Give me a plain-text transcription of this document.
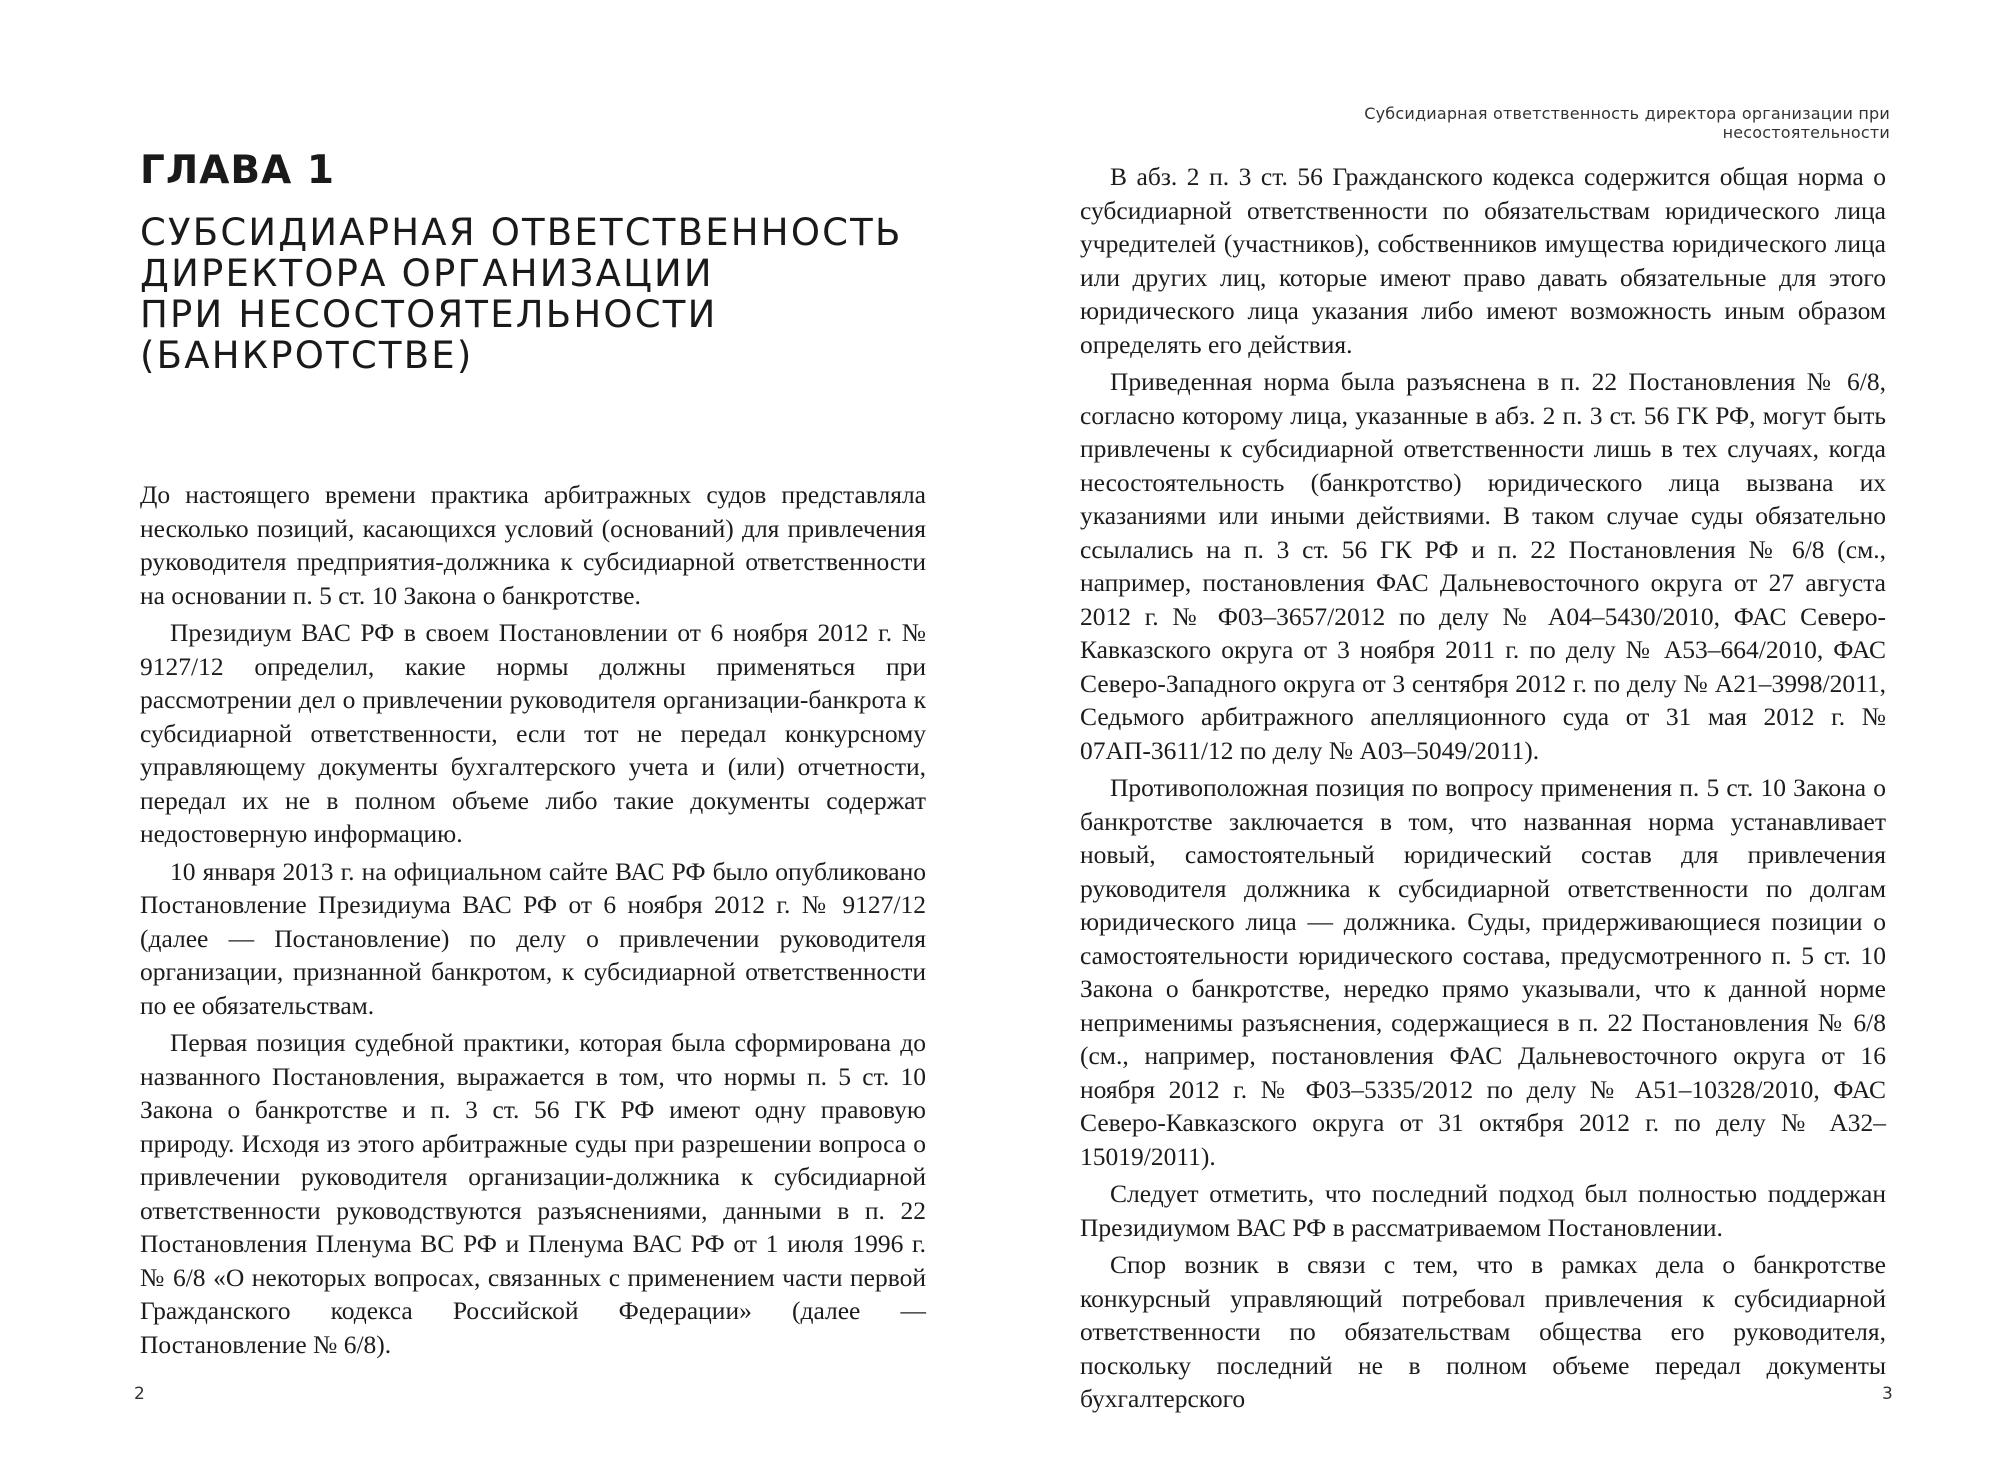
ГЛАВА 1
СУБСИДИАРНАЯ ОТВЕТСТВЕННОСТЬ
ДИРЕКТОРА ОРГАНИЗАЦИИ
ПРИ НЕСОСТОЯТЕЛЬНОСТИ
(БАНКРОТСТВЕ)

До настоящего времени практика арбитражных судов представляла несколько позиций, касающихся условий (оснований) для привлечения руководителя предприятия-должника к субсидиарной ответственности на основании п. 5 ст. 10 Закона о банкротстве.

Президиум ВАС РФ в своем Постановлении от 6 ноября 2012 г. № 9127/12 определил, какие нормы должны применяться при рассмотрении дел о привлечении руководителя организации-банкрота к субсидиарной ответственности, если тот не передал конкурсному управляющему документы бухгалтерского учета и (или) отчетности, передал их не в полном объеме либо такие документы содержат недостоверную информацию.

10 января 2013 г. на официальном сайте ВАС РФ было опубликовано Постановление Президиума ВАС РФ от 6 ноября 2012 г. № 9127/12 (далее — Постановление) по делу о привлечении руководителя организации, признанной банкротом, к субсидиарной ответственности по ее обязательствам.

Первая позиция судебной практики, которая была сформирована до названного Постановления, выражается в том, что нормы п. 5 ст. 10 Закона о банкротстве и п. 3 ст. 56 ГК РФ имеют одну правовую природу. Исходя из этого арбитражные суды при разрешении вопроса о привлечении руководителя организации-должника к субсидиарной ответственности руководствуются разъяснениями, данными в п. 22 Постановления Пленума ВС РФ и Пленума ВАС РФ от 1 июля 1996 г. № 6/8 «О некоторых вопросах, связанных с применением части первой Гражданского кодекса Российской Федерации» (далее — Постановление № 6/8).

2
Субсидиарная ответственность директора организации при несостоятельности

В абз. 2 п. 3 ст. 56 Гражданского кодекса содержится общая норма о субсидиарной ответственности по обязательствам юридического лица учредителей (участников), собственников имущества юридического лица или других лиц, которые имеют право давать обязательные для этого юридического лица указания либо имеют возможность иным образом определять его действия.

Приведенная норма была разъяснена в п. 22 Постановления № 6/8, согласно которому лица, указанные в абз. 2 п. 3 ст. 56 ГК РФ, могут быть привлечены к субсидиарной ответственности лишь в тех случаях, когда несостоятельность (банкротство) юридического лица вызвана их указаниями или иными действиями. В таком случае суды обязательно ссылались на п. 3 ст. 56 ГК РФ и п. 22 Постановления № 6/8 (см., например, постановления ФАС Дальневосточного округа от 27 августа 2012 г. № Ф03–3657/2012 по делу № А04–5430/2010, ФАС Северо-Кавказского округа от 3 ноября 2011 г. по делу № А53–664/2010, ФАС Северо-Западного округа от 3 сентября 2012 г. по делу № А21–3998/2011, Седьмого арбитражного апелляционного суда от 31 мая 2012 г. № 07АП-3611/12 по делу № А03–5049/2011).

Противоположная позиция по вопросу применения п. 5 ст. 10 Закона о банкротстве заключается в том, что названная норма устанавливает новый, самостоятельный юридический состав для привлечения руководителя должника к субсидиарной ответственности по долгам юридического лица — должника. Суды, придерживающиеся позиции о самостоятельности юридического состава, предусмотренного п. 5 ст. 10 Закона о банкротстве, нередко прямо указывали, что к данной норме неприменимы разъяснения, содержащиеся в п. 22 Постановления № 6/8 (см., например, постановления ФАС Дальневосточного округа от 16 ноября 2012 г. № Ф03–5335/2012 по делу № А51–10328/2010, ФАС Северо-Кавказского округа от 31 октября 2012 г. по делу № А32–15019/2011).

Следует отметить, что последний подход был полностью поддержан Президиумом ВАС РФ в рассматриваемом Постановлении.

Спор возник в связи с тем, что в рамках дела о банкротстве конкурсный управляющий потребовал привлечения к субсидиарной ответственности по обязательствам общества его руководителя, поскольку последний не в полном объеме передал документы бухгалтерского	3
